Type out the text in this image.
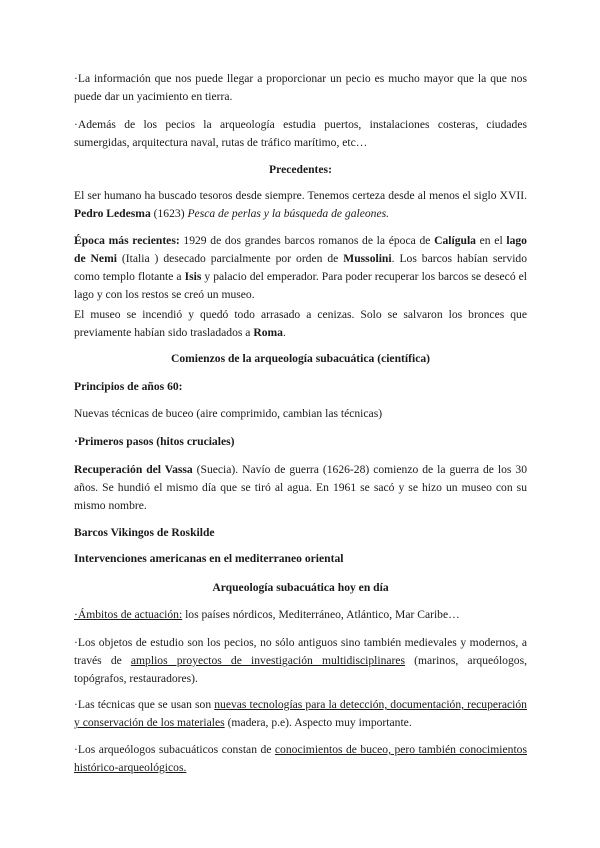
·La información que nos puede llegar a proporcionar un pecio es mucho mayor que la que nos puede dar un yacimiento en tierra.

·Además de los pecios la arqueología estudia puertos, instalaciones costeras, ciudades sumergidas, arquitectura naval, rutas de tráfico marítimo, etc…

Precedentes:

El ser humano ha buscado tesoros desde siempre. Tenemos certeza desde al menos el siglo XVII. Pedro Ledesma (1623) Pesca de perlas y la búsqueda de galeones.

Época más recientes: 1929 de dos grandes barcos romanos de la época de Calígula en el lago de Nemi (Italia ) desecado parcialmente por orden de Mussolini. Los barcos habían servido como templo flotante a Isis y palacio del emperador. Para poder recuperar los barcos se desecó el lago y con los restos se creó un museo.

El museo se incendió y quedó todo arrasado a cenizas. Solo se salvaron los bronces que previamente habían sido trasladados a Roma.

Comienzos de la arqueología subacuática (científica)

Principios de años 60:

Nuevas técnicas de buceo (aire comprimido, cambian las técnicas)

·Primeros pasos (hitos cruciales)

Recuperación del Vassa (Suecia). Navío de guerra (1626-28) comienzo de la guerra de los 30 años. Se hundió el mismo día que se tiró al agua. En 1961 se sacó y se hizo un museo con su mismo nombre.

Barcos Vikingos de Roskilde

Intervenciones americanas en el mediterraneo oriental

Arqueología subacuática hoy en día

·Ámbitos de actuación: los países nórdicos, Mediterráneo, Atlántico, Mar Caribe…

·Los objetos de estudio son los pecios, no sólo antiguos sino también medievales y modernos, a través de amplios proyectos de investigación multidisciplinares (marinos, arqueólogos, topógrafos, restauradores).

·Las técnicas que se usan son nuevas tecnologías para la detección, documentación, recuperación y conservación de los materiales (madera, p.e). Aspecto muy importante.

·Los arqueólogos subacuáticos constan de conocimientos de buceo, pero también conocimientos histórico-arqueológicos.
